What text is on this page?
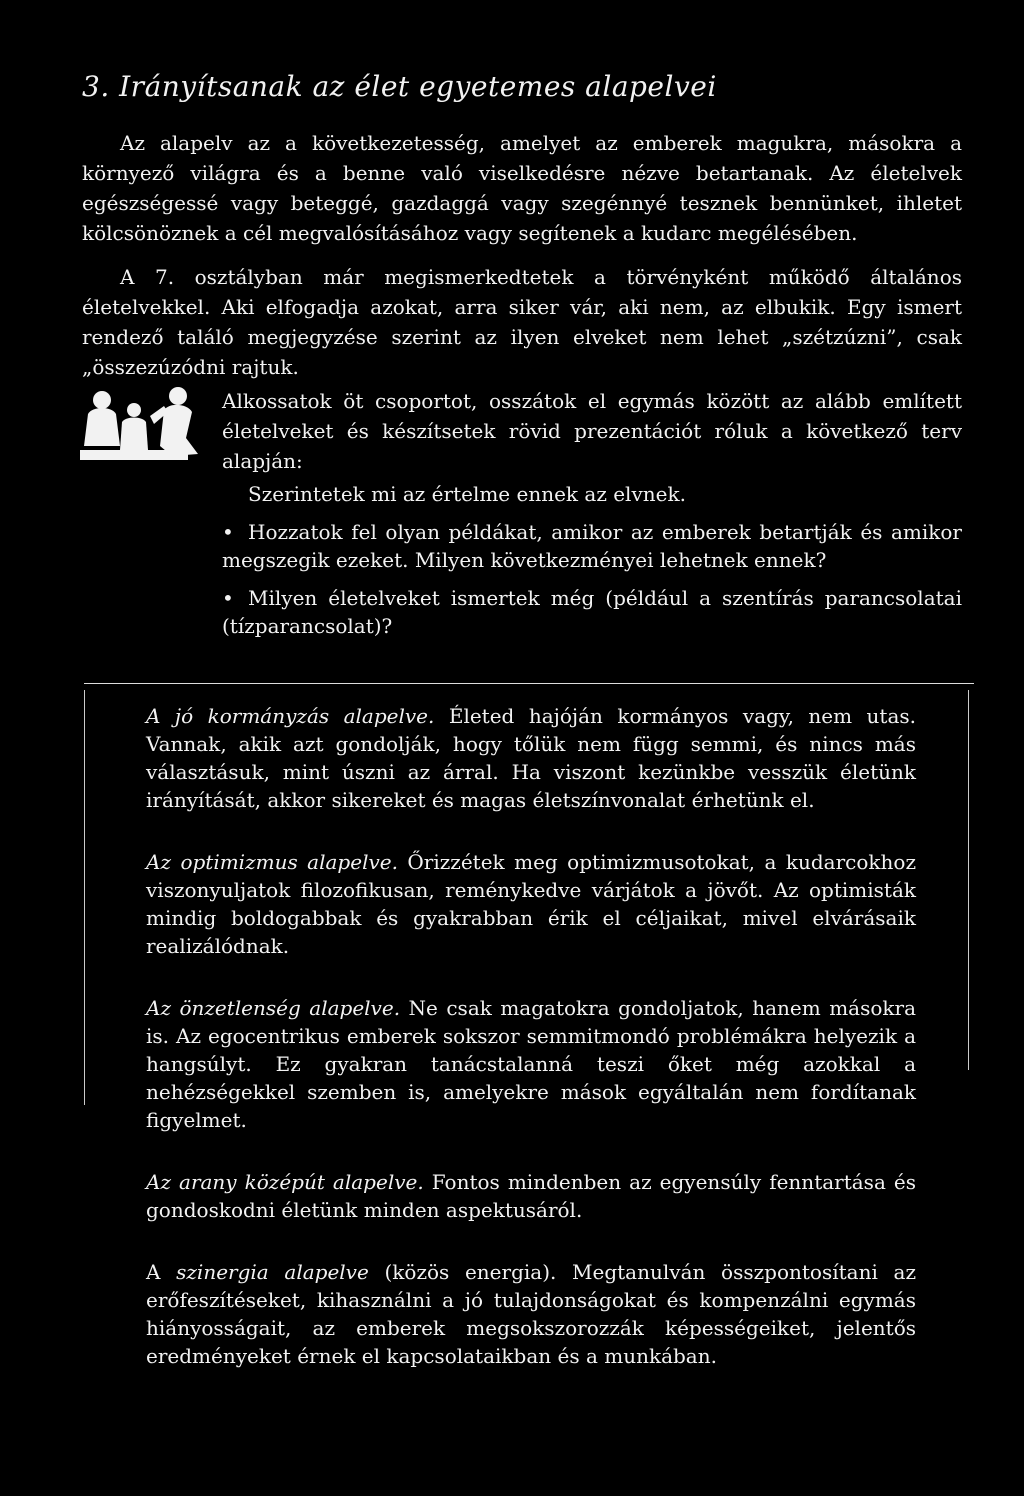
3. Irányítsanak az élet egyetemes alapelvei
Az alapelv az a következetesség, amelyet az emberek magukra, másokra a környező világra és a benne való viselkedésre nézve betartanak. Az életelvek egészségessé vagy beteggé, gazdaggá vagy szegénnyé tesznek bennünket, ihletet kölcsönöznek a cél megvalósításához vagy segítenek a kudarc megélésében.
A 7. osztályban már megismerkedtetek a törvényként működő általános életelvekkel. Aki elfogadja azokat, arra siker vár, aki nem, az elbukik. Egy ismert rendező találó megjegyzése szerint az ilyen elveket nem lehet „szétzúzni”, csak „összezúzódni rajtuk.
Alkossatok öt csoportot, osszátok el egymás között az alább említett életelveket és készítsetek rövid prezentációt róluk a következő terv alapján:
Szerintetek mi az értelme ennek az elvnek.
• Hozzatok fel olyan példákat, amikor az emberek betartják és amikor megszegik ezeket. Milyen következményei lehetnek ennek?
• Milyen életelveket ismertek még (például a szentírás parancsolatai (tízparancsolat)?
A jó kormányzás alapelve. Életed hajóján kormányos vagy, nem utas. Vannak, akik azt gondolják, hogy tőlük nem függ semmi, és nincs más választásuk, mint úszni az árral. Ha viszont kezünkbe vesszük életünk irányítását, akkor sikereket és magas életszínvonalat érhetünk el.
Az optimizmus alapelve. Őrizzétek meg optimizmusotokat, a kudarcokhoz viszonyuljatok filozofikusan, reménykedve várjátok a jövőt. Az optimisták mindig boldogabbak és gyakrabban érik el céljaikat, mivel elvárásaik realizálódnak.
Az önzetlenség alapelve. Ne csak magatokra gondoljatok, hanem másokra is. Az egocentrikus emberek sokszor semmitmondó problémákra helyezik a hangsúlyt. Ez gyakran tanácstalanná teszi őket még azokkal a nehézségekkel szemben is, amelyekre mások egyáltalán nem fordítanak figyelmet.
Az arany középút alapelve. Fontos mindenben az egyensúly fenntartása és gondoskodni életünk minden aspektusáról.
A szinergia alapelve (közös energia). Megtanulván összpontosítani az erőfeszítéseket, kihasználni a jó tulajdonságokat és kompenzálni egymás hiányosságait, az emberek megsokszorozzák képességeiket, jelentős eredményeket érnek el kapcsolataikban és a munkában.
